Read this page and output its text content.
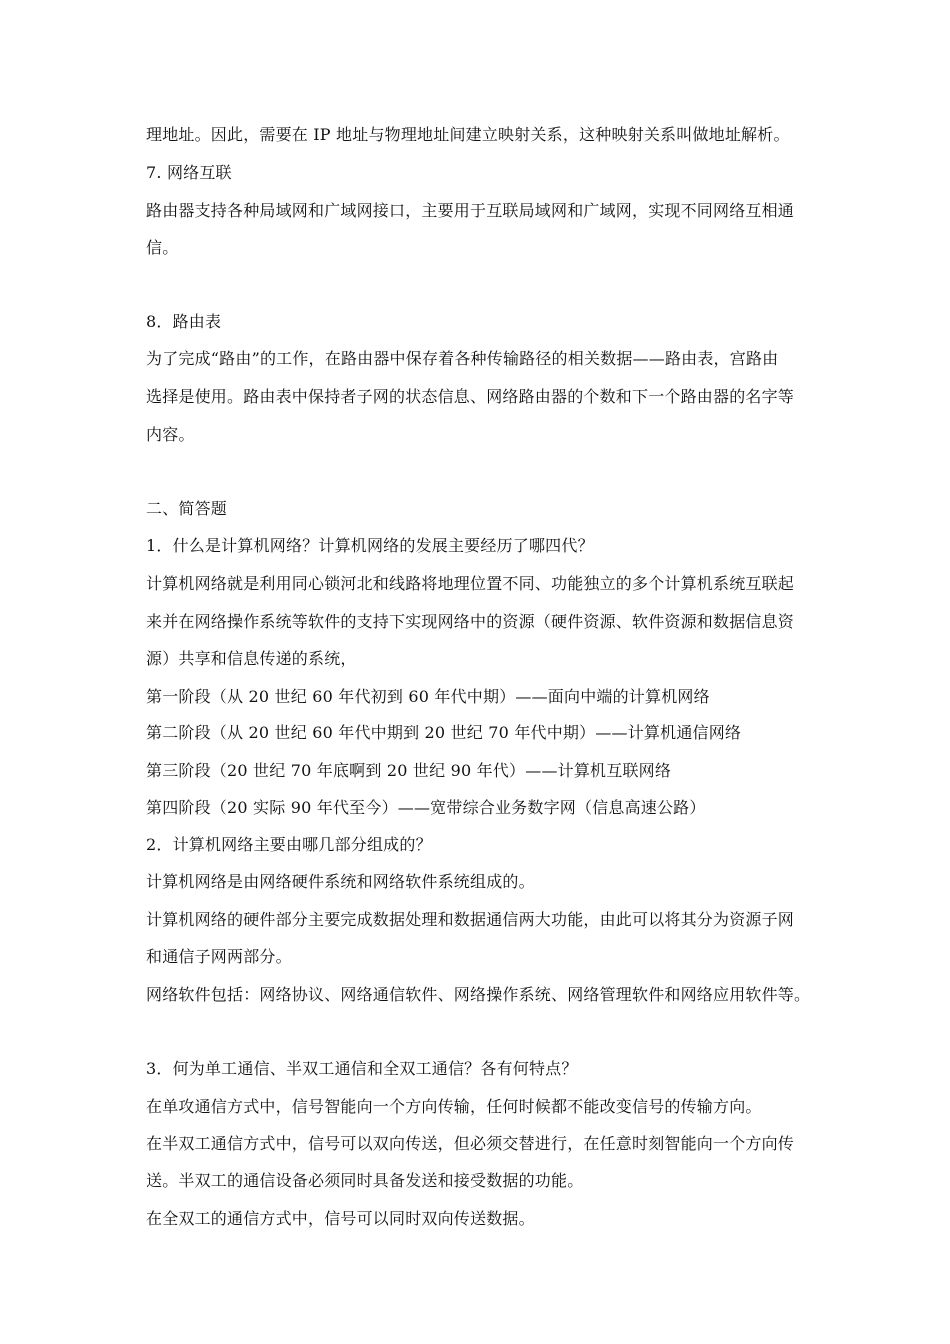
理地址。因此，需要在 IP 地址与物理地址间建立映射关系，这种映射关系叫做地址解析。
7. 网络互联
路由器支持各种局域网和广域网接口，主要用于互联局域网和广域网，实现不同网络互相通
信。
8．路由表
为了完成“路由”的工作，在路由器中保存着各种传输路径的相关数据——路由表，宫路由
选择是使用。路由表中保持者子网的状态信息、网络路由器的个数和下一个路由器的名字等
内容。
二、简答题
1．什么是计算机网络？计算机网络的发展主要经历了哪四代？
计算机网络就是利用同心锁河北和线路将地理位置不同、功能独立的多个计算机系统互联起
来并在网络操作系统等软件的支持下实现网络中的资源（硬件资源、软件资源和数据信息资
源）共享和信息传递的系统，
第一阶段（从 20 世纪 60 年代初到 60 年代中期）——面向中端的计算机网络
第二阶段（从 20 世纪 60 年代中期到 20 世纪 70 年代中期）——计算机通信网络
第三阶段（20 世纪 70 年底啊到 20 世纪 90 年代）——计算机互联网络
第四阶段（20 实际 90 年代至今）——宽带综合业务数字网（信息高速公路）
2．计算机网络主要由哪几部分组成的？
计算机网络是由网络硬件系统和网络软件系统组成的。
计算机网络的硬件部分主要完成数据处理和数据通信两大功能，由此可以将其分为资源子网
和通信子网两部分。
网络软件包括：网络协议、网络通信软件、网络操作系统、网络管理软件和网络应用软件等。
3．何为单工通信、半双工通信和全双工通信？各有何特点？
在单攻通信方式中，信号智能向一个方向传输，任何时候都不能改变信号的传输方向。
在半双工通信方式中，信号可以双向传送，但必须交替进行，在任意时刻智能向一个方向传
送。半双工的通信设备必须同时具备发送和接受数据的功能。
在全双工的通信方式中，信号可以同时双向传送数据。
